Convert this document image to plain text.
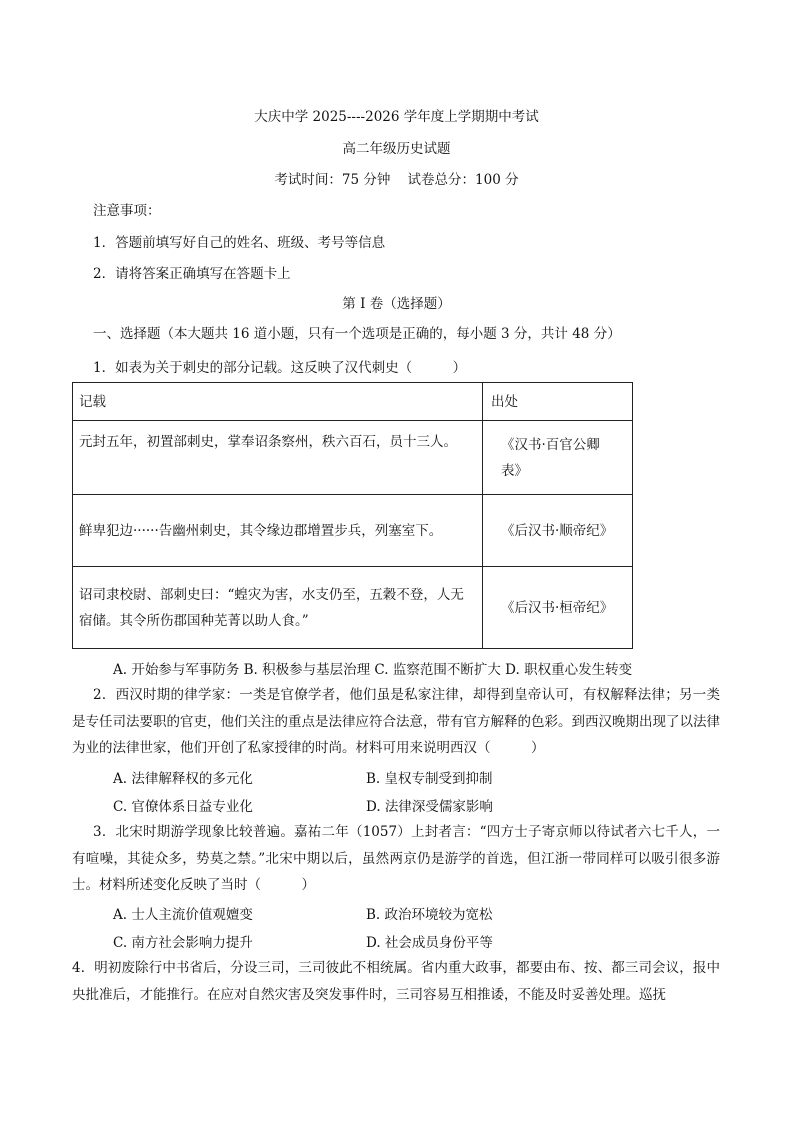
大庆中学 2025----2026 学年度上学期期中考试
高二年级历史试题
考试时间：75 分钟 试卷总分：100 分
注意事项：
1．答题前填写好自己的姓名、班级、考号等信息
2．请将答案正确填写在答题卡上
第 I 卷（选择题）
一、选择题（本大题共 16 道小题，只有一个选项是正确的，每小题 3 分，共计 48 分）
1．如表为关于刺史的部分记载。这反映了汉代刺史（　　　）
记载	出处
元封五年，初置部刺史，掌奉诏条察州，秩六百石，员十三人。	《汉书·百官公卿表》

鲜卑犯边······告幽州刺史，其令缘边郡增置步兵，列塞室下。	《后汉书·顺帝纪》

诏司隶校尉、部刺史曰：“蝗灾为害，水支仍至，五穀不登，人无宿储。其令所伤郡国种芜菁以助人食。”	《后汉书·桓帝纪》
A. 开始参与军事防务 B. 积极参与基层治理 C. 监察范围不断扩大 D. 职权重心发生转变
2．西汉时期的律学家：一类是官僚学者，他们虽是私家注律，却得到皇帝认可，有权解释法律；另一类是专任司法要职的官吏，他们关注的重点是法律应符合法意，带有官方解释的色彩。到西汉晚期出现了以法律为业的法律世家，他们开创了私家授律的时尚。材料可用来说明西汉（　　　）
A. 法律解释权的多元化	B. 皇权专制受到抑制
C. 官僚体系日益专业化	D. 法律深受儒家影响
3．北宋时期游学现象比较普遍。嘉祐二年（1057）上封者言：“四方士子寄京师以待试者六七千人，一有喧噪，其徒众多，势莫之禁。”北宋中期以后，虽然两京仍是游学的首选，但江浙一带同样可以吸引很多游士。材料所述变化反映了当时（　　　）
A. 士人主流价值观嬗变	B. 政治环境较为宽松
C. 南方社会影响力提升	D. 社会成员身份平等
4．明初废除行中书省后，分设三司，三司彼此不相统属。省内重大政事，都要由布、按、都三司会议，报中央批准后，才能推行。在应对自然灾害及突发事件时，三司容易互相推诿，不能及时妥善处理。巡抚
